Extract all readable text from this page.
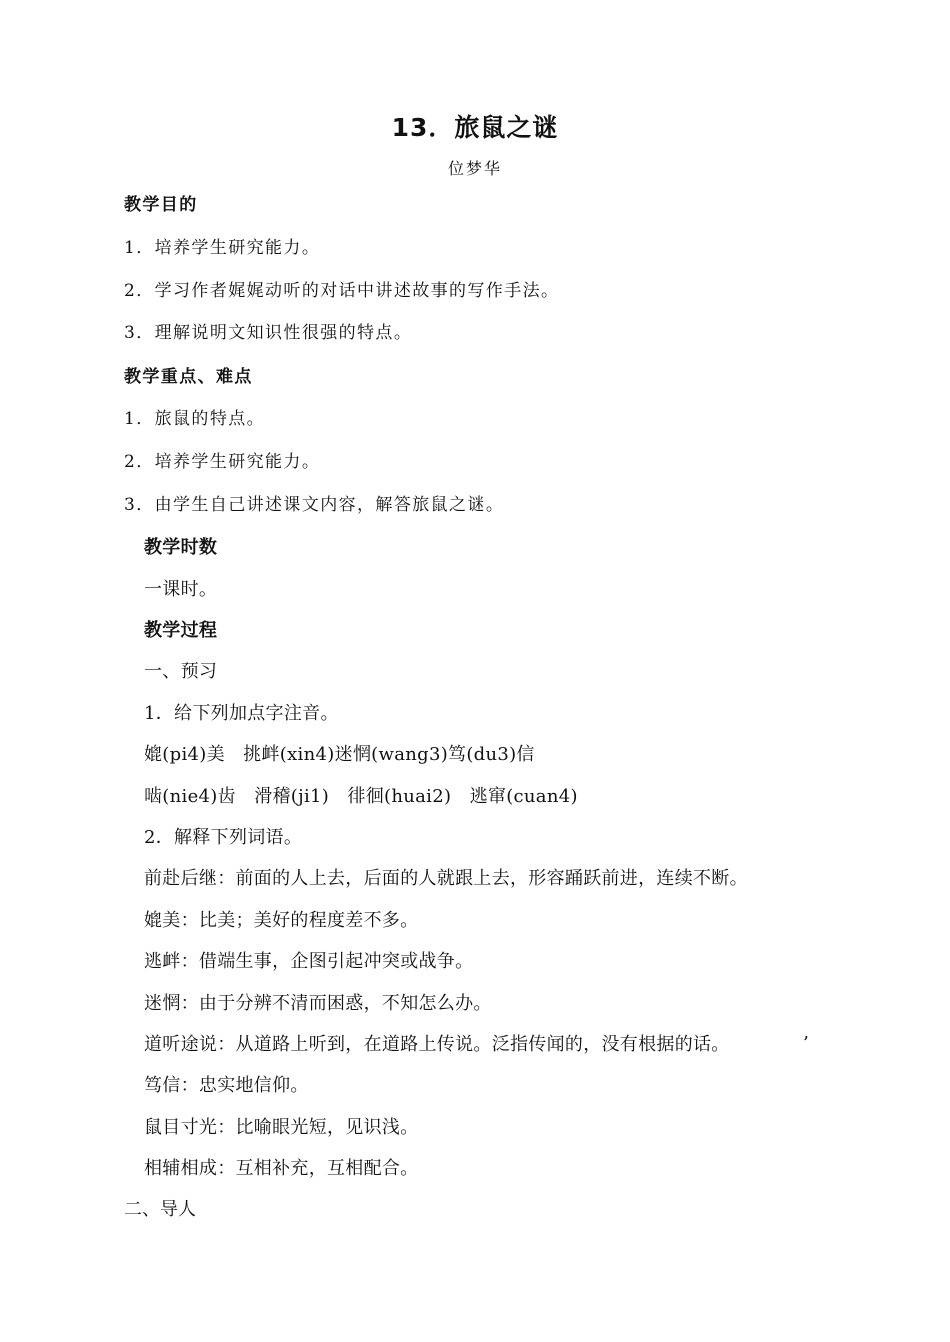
13．旅鼠之谜
位梦华
教学目的
1．培养学生研究能力。
2．学习作者娓娓动听的对话中讲述故事的写作手法。
3．理解说明文知识性很强的特点。
教学重点、难点
1．旅鼠的特点。
2．培养学生研究能力。
3．由学生自己讲述课文内容，解答旅鼠之谜。
教学时数
一课时。
教学过程
一、预习
1．给下列加点字注音。
媲(pi4)美　挑衅(xin4)迷惘(wang3)笃(du3)信
啮(nie4)齿　滑稽(ji1)　徘徊(huai2)　逃窜(cuan4)
2．解释下列词语。
前赴后继：前面的人上去，后面的人就跟上去，形容踊跃前进，连续不断。
媲美：比美；美好的程度差不多。
逃衅：借端生事，企图引起冲突或战争。
迷惘：由于分辨不清而困惑，不知怎么办。
道听途说：从道路上听到，在道路上传说。泛指传闻的，没有根据的话。	’
笃信：忠实地信仰。
鼠目寸光：比喻眼光短，见识浅。
相辅相成：互相补充，互相配合。
二、导人
